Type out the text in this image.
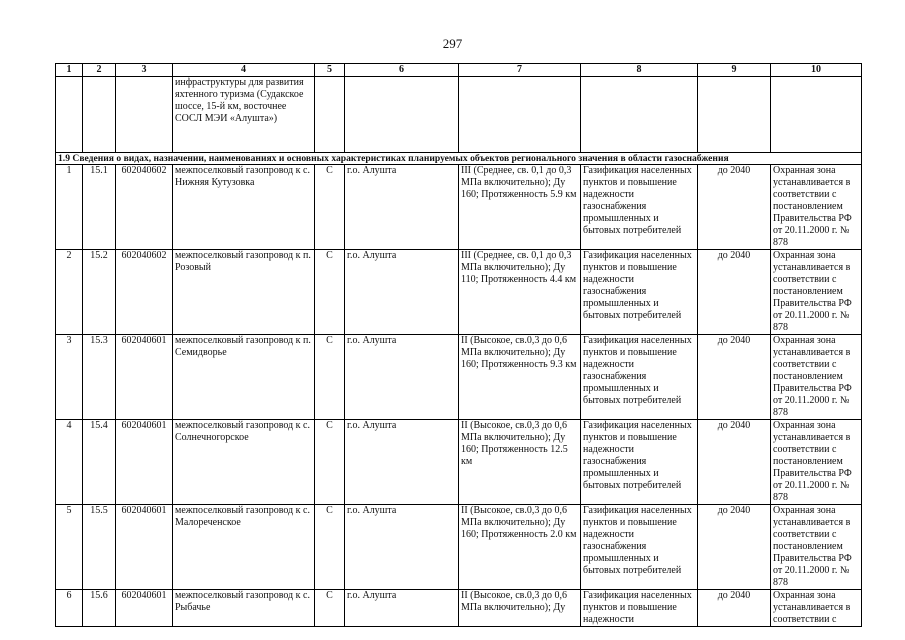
297
1	2	3	4	5	6	7	8	9	10
			инфраструктуры для развития яхтенного туризма (Судакское шоссе, 15-й км, восточнее СОСЛ МЭИ «Алушта»)						
1.9 Сведения о видах, назначении, наименованиях и основных характеристиках планируемых объектов регионального значения в области газоснабжения									
1	15.1	602040602	межпоселковый газопровод к с. Нижняя Кутузовка	С	г.о. Алушта	III (Среднее, св. 0,1 до 0,3 МПа включительно); Ду 160; Протяженность 5.9 км	Газификация населенных пунктов и повышение надежности газоснабжения промышленных и бытовых потребителей	до 2040	Охранная зона устанавливается в соответствии с постановлением Правительства РФ от 20.11.2000 г. № 878
2	15.2	602040602	межпоселковый газопровод к п. Розовый	С	г.о. Алушта	III (Среднее, св. 0,1 до 0,3 МПа включительно); Ду 110; Протяженность 4.4 км	Газификация населенных пунктов и повышение надежности газоснабжения промышленных и бытовых потребителей	до 2040	Охранная зона устанавливается в соответствии с постановлением Правительства РФ от 20.11.2000 г. № 878
3	15.3	602040601	межпоселковый газопровод к п. Семидворье	С	г.о. Алушта	II (Высокое, св.0,3 до 0,6 МПа включительно); Ду 160; Протяженность 9.3 км	Газификация населенных пунктов и повышение надежности газоснабжения промышленных и бытовых потребителей	до 2040	Охранная зона устанавливается в соответствии с постановлением Правительства РФ от 20.11.2000 г. № 878
4	15.4	602040601	межпоселковый газопровод к с. Солнечногорское	С	г.о. Алушта	II (Высокое, св.0,3 до 0,6 МПа включительно); Ду 160; Протяженность 12.5 км	Газификация населенных пунктов и повышение надежности газоснабжения промышленных и бытовых потребителей	до 2040	Охранная зона устанавливается в соответствии с постановлением Правительства РФ от 20.11.2000 г. № 878
5	15.5	602040601	межпоселковый газопровод к с. Малореченское	С	г.о. Алушта	II (Высокое, св.0,3 до 0,6 МПа включительно); Ду 160; Протяженность 2.0 км	Газификация населенных пунктов и повышение надежности газоснабжения промышленных и бытовых потребителей	до 2040	Охранная зона устанавливается в соответствии с постановлением Правительства РФ от 20.11.2000 г. № 878
6	15.6	602040601	межпоселковый газопровод к с. Рыбачье	С	г.о. Алушта	II (Высокое, св.0,3 до 0,6 МПа включительно); Ду	Газификация населенных пунктов и повышение надежности	до 2040	Охранная зона устанавливается в соответствии с
